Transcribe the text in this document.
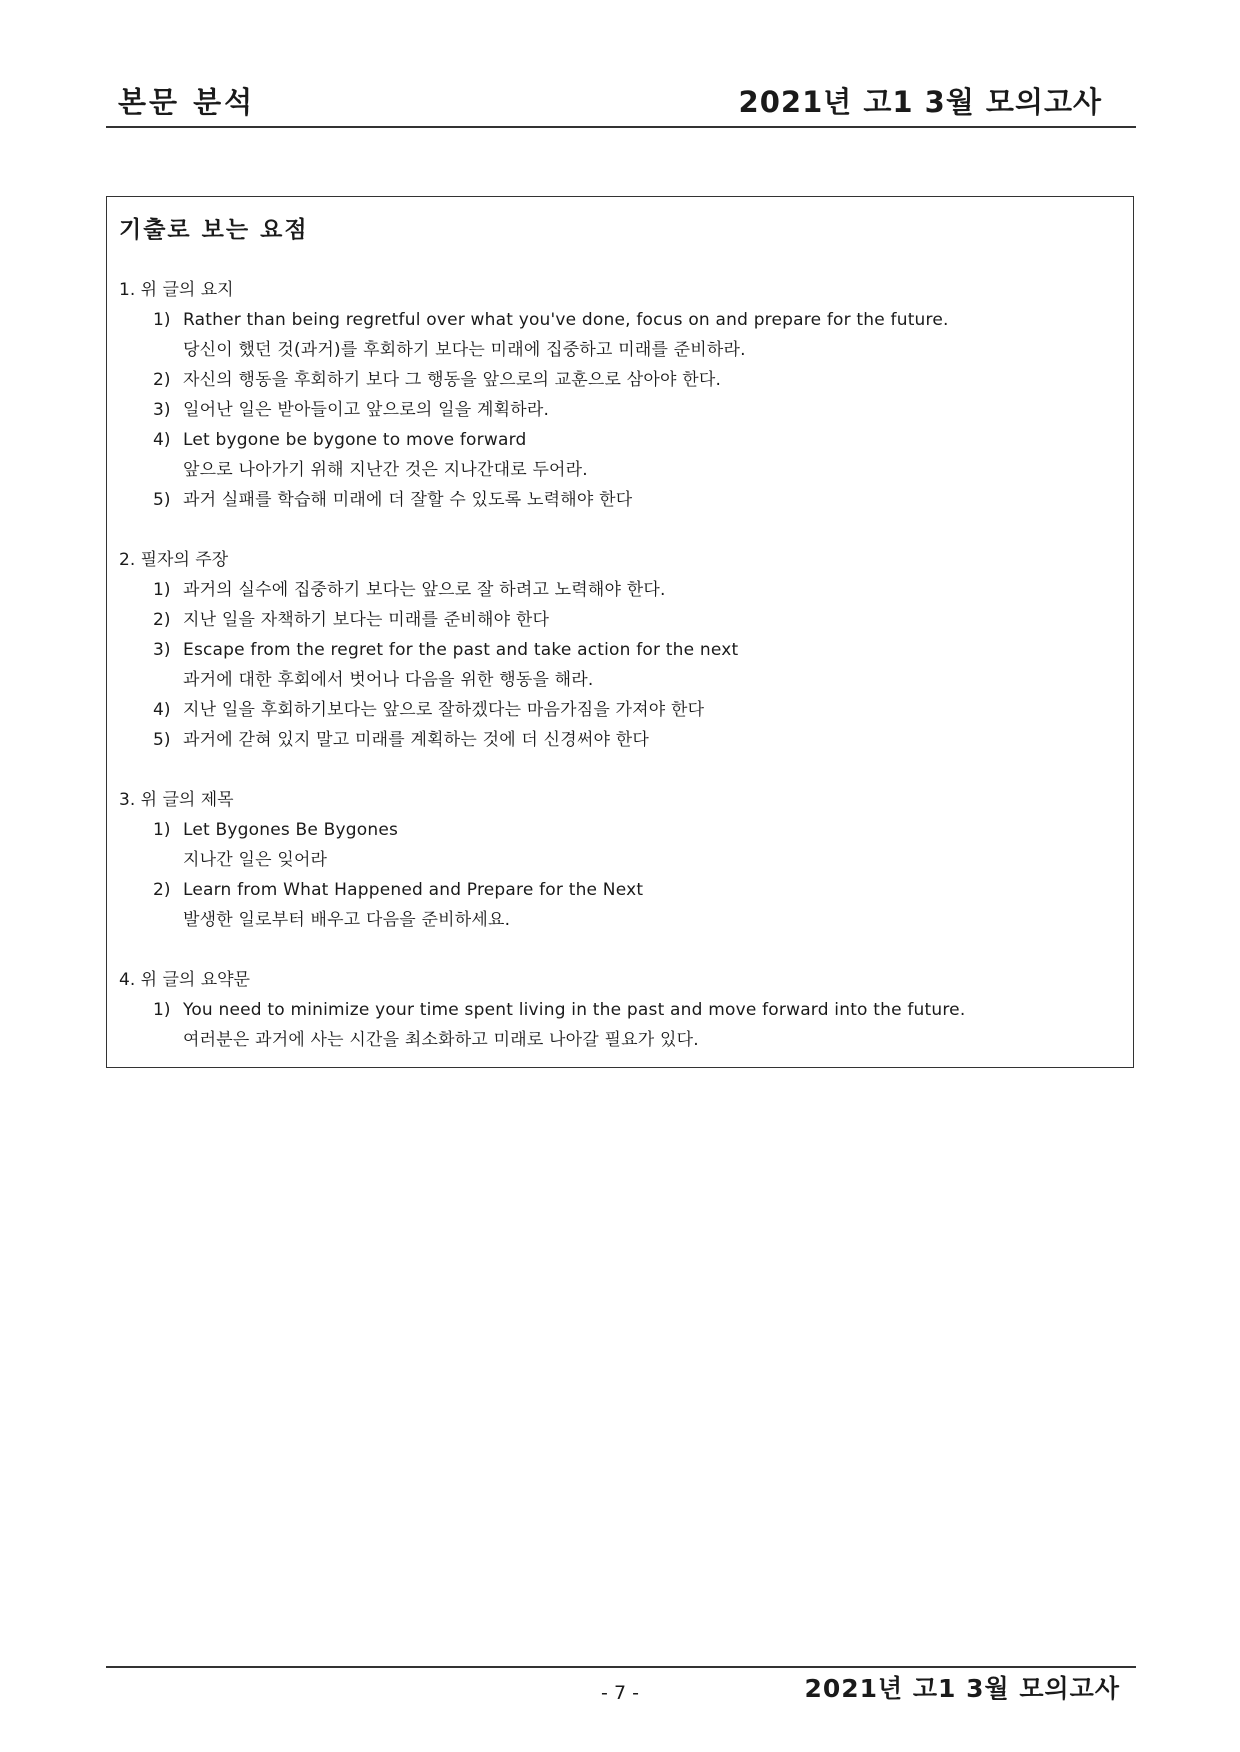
본문 분석	2021년 고1 3월 모의고사
기출로 보는 요점
1. 위 글의 요지
1) Rather than being regretful over what you've done, focus on and prepare for the future.
당신이 했던 것(과거)를 후회하기 보다는 미래에 집중하고 미래를 준비하라.
2) 자신의 행동을 후회하기 보다 그 행동을 앞으로의 교훈으로 삼아야 한다.
3) 일어난 일은 받아들이고 앞으로의 일을 계획하라.
4) Let bygone be bygone to move forward
앞으로 나아가기 위해 지난간 것은 지나간대로 두어라.
5) 과거 실패를 학습해 미래에 더 잘할 수 있도록 노력해야 한다
2. 필자의 주장
1) 과거의 실수에 집중하기 보다는 앞으로 잘 하려고 노력해야 한다.
2) 지난 일을 자책하기 보다는 미래를 준비해야 한다
3) Escape from the regret for the past and take action for the next
과거에 대한 후회에서 벗어나 다음을 위한 행동을 해라.
4) 지난 일을 후회하기보다는 앞으로 잘하겠다는 마음가짐을 가져야 한다
5) 과거에 갇혀 있지 말고 미래를 계획하는 것에 더 신경써야 한다
3. 위 글의 제목
1) Let Bygones Be Bygones
지나간 일은 잊어라
2) Learn from What Happened and Prepare for the Next
발생한 일로부터 배우고 다음을 준비하세요.
4. 위 글의 요약문
1) You need to minimize your time spent living in the past and move forward into the future.
여러분은 과거에 사는 시간을 최소화하고 미래로 나아갈 필요가 있다.
- 7 -	2021년 고1 3월 모의고사
